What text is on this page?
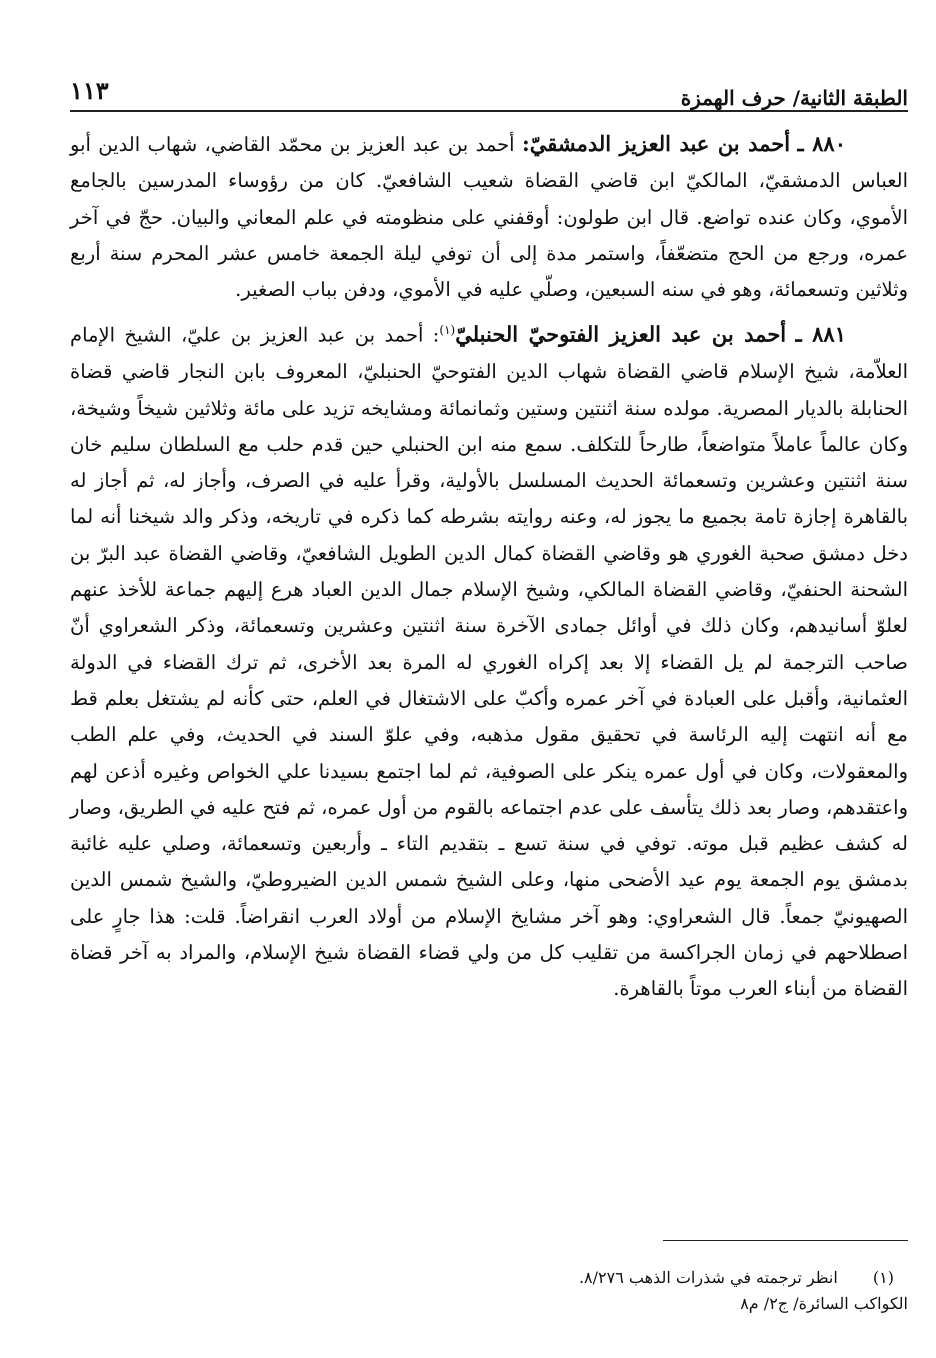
الطبقة الثانية/ حرف الهمزة
١١٣

٨٨٠ ـ أحمد بن عبد العزيز الدمشقيّ: أحمد بن عبد العزيز بن محمّد القاضي، شهاب الدين أبو العباس الدمشقيّ، المالكيّ ابن قاضي القضاة شعيب الشافعيّ. كان من رؤوساء المدرسين بالجامع الأموي، وكان عنده تواضع. قال ابن طولون: أوقفني على منظومته في علم المعاني والبيان. حجّ في آخر عمره، ورجع من الحج متضعّفاً، واستمر مدة إلى أن توفي ليلة الجمعة خامس عشر المحرم سنة أربع وثلاثين وتسعمائة، وهو في سنه السبعين، وصلّي عليه في الأموي، ودفن بباب الصغير.

٨٨١ ـ أحمد بن عبد العزيز الفتوحيّ الحنبليّ$^{(١)}$: أحمد بن عبد العزيز بن عليّ، الشيخ الإمام العلاّمة، شيخ الإسلام قاضي القضاة شهاب الدين الفتوحيّ الحنبليّ، المعروف بابن النجار قاضي قضاة الحنابلة بالديار المصرية. مولده سنة اثنتين وستين وثمانمائة ومشايخه تزيد على مائة وثلاثين شيخاً وشيخة، وكان عالماً عاملاً متواضعاً، طارحاً للتكلف. سمع منه ابن الحنبلي حين قدم حلب مع السلطان سليم خان سنة اثنتين وعشرين وتسعمائة الحديث المسلسل بالأولية، وقرأ عليه في الصرف، وأجاز له، ثم أجاز له بالقاهرة إجازة تامة بجميع ما يجوز له، وعنه روايته بشرطه كما ذكره في تاريخه، وذكر والد شيخنا أنه لما دخل دمشق صحبة الغوري هو وقاضي القضاة كمال الدين الطويل الشافعيّ، وقاضي القضاة عبد البرّ بن الشحنة الحنفيّ، وقاضي القضاة المالكي، وشيخ الإسلام جمال الدين العباد هرع إليهم جماعة للأخذ عنهم لعلوّ أسانيدهم، وكان ذلك في أوائل جمادى الآخرة سنة اثنتين وعشرين وتسعمائة، وذكر الشعراوي أنّ صاحب الترجمة لم يل القضاء إلا بعد إكراه الغوري له المرة بعد الأخرى، ثم ترك القضاء في الدولة العثمانية، وأقبل على العبادة في آخر عمره وأكبّ على الاشتغال في العلم، حتى كأنه لم يشتغل بعلم قط مع أنه انتهت إليه الرئاسة في تحقيق مقول مذهبه، وفي علوّ السند في الحديث، وفي علم الطب والمعقولات، وكان في أول عمره ينكر على الصوفية، ثم لما اجتمع بسيدنا علي الخواص وغيره أذعن لهم واعتقدهم، وصار بعد ذلك يتأسف على عدم اجتماعه بالقوم من أول عمره، ثم فتح عليه في الطريق، وصار له كشف عظيم قبل موته. توفي في سنة تسع ـ بتقديم التاء ـ وأربعين وتسعمائة، وصلي عليه غائبة بدمشق يوم الجمعة يوم عيد الأضحى منها، وعلى الشيخ شمس الدين الضيروطيّ، والشيخ شمس الدين الصهيونيّ جمعاً. قال الشعراوي: وهو آخر مشايخ الإسلام من أولاد العرب انقراضاً. قلت: هذا جارٍ على اصطلاحهم في زمان الجراكسة من تقليب كل من ولي قضاء القضاة شيخ الإسلام، والمراد به آخر قضاة القضاة من أبناء العرب موتاً بالقاهرة.

(١) انظر ترجمته في شذرات الذهب ٨/٢٧٦.
الكواكب السائرة/ ج٢/ م٨
